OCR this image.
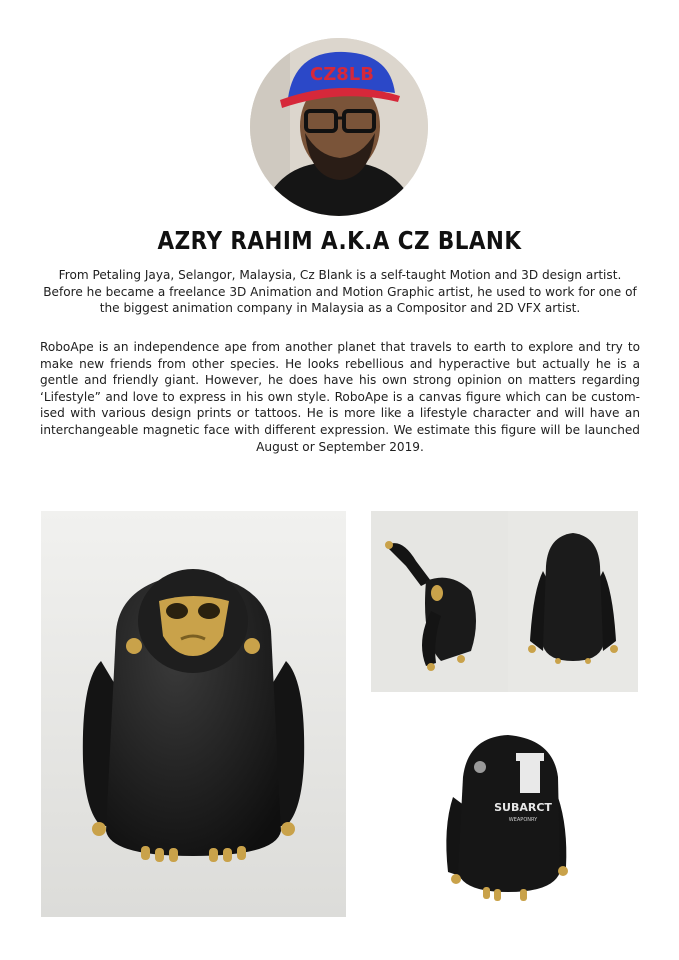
CZ8LB
AZRY RAHIM A.K.A CZ BLANK

From Petaling Jaya, Selangor, Malaysia, Cz Blank is a self-taught Motion and 3D design artist. Before he became a freelance 3D Animation and Motion Graphic artist, he used to work for one of the biggest animation company in Malaysia as a Compositor and 2D VFX artist.

RoboApe is an independence ape from another planet that travels to earth to explore and try to make new friends from other species. He looks rebellious and hyperactive but actually he is a gentle and friendly giant. However, he does have his own strong opinion on matters regarding ‘Lifestyle” and love to express in his own style. RoboApe is a canvas figure which can be custom-ised with various design prints or tattoos. He is more like a lifestyle character and will have an interchangeable magnetic face with different expression. We estimate this figure will be launched August or September 2019.

SUBARCT
WEAPONRY
